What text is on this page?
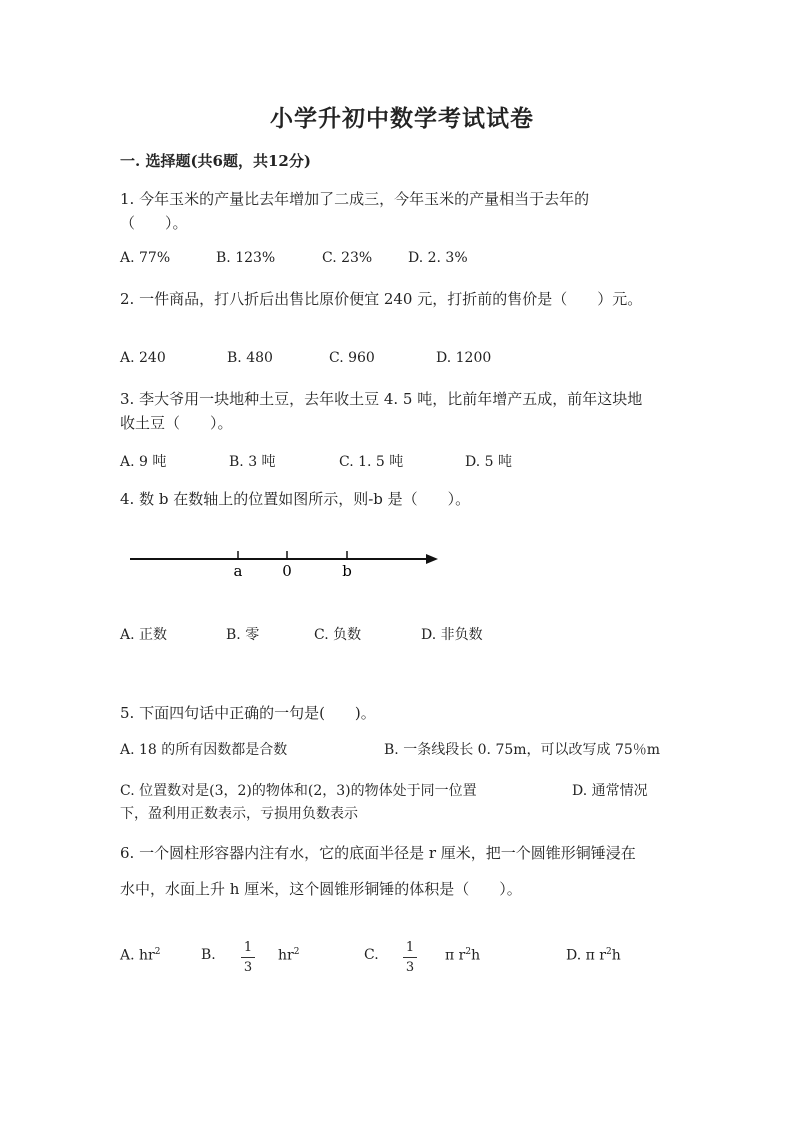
小学升初中数学考试试卷
一. 选择题(共6题，共12分)
1. 今年玉米的产量比去年增加了二成三，今年玉米的产量相当于去年的
（　　）。
A. 77%	B. 123%	C. 23%	D. 2. 3%
2. 一件商品，打八折后出售比原价便宜 240 元，打折前的售价是（　　）元。
A. 240	B. 480	C. 960	D. 1200
3. 李大爷用一块地种土豆，去年收土豆 4. 5 吨，比前年增产五成，前年这块地
收土豆（　　）。
A. 9 吨	B. 3 吨	C. 1. 5 吨	D. 5 吨
4. 数 b 在数轴上的位置如图所示，则-b 是（　　）。
a	0	b
A. 正数	B. 零	C. 负数	D. 非负数
5. 下面四句话中正确的一句是(　　)。
A. 18 的所有因数都是合数	B. 一条线段长 0. 75m，可以改写成 75％m
C. 位置数对是(3，2)的物体和(2，3)的物体处于同一位置	D. 通常情况
下，盈利用正数表示，亏损用负数表示
6. 一个圆柱形容器内注有水，它的底面半径是 r 厘米，把一个圆锥形铜锤浸在
水中，水面上升 h 厘米，这个圆锥形铜锤的体积是（　　）。
A. $hr^2$	B. 1
3
$hr^2$	C. 1
3
π $r^2h$	D. π $r^2h$
